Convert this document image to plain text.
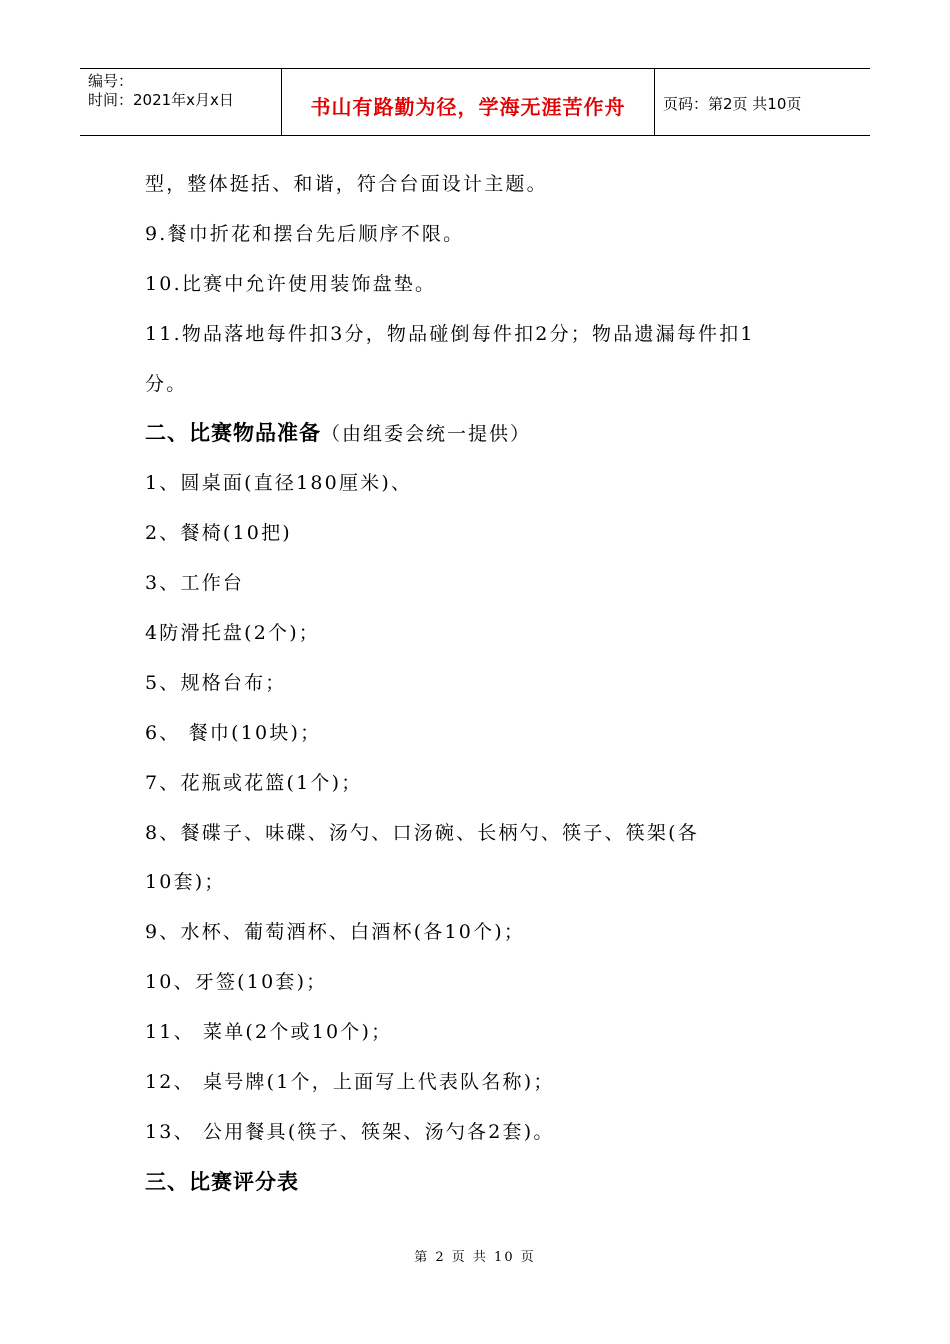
编号：
时间：2021年x月x日	书山有路勤为径，学海无涯苦作舟	页码：第2页 共10页
型，整体挺括、和谐，符合台面设计主题。
9.餐巾折花和摆台先后顺序不限。
10.比赛中允许使用装饰盘垫。
11.物品落地每件扣3分，物品碰倒每件扣2分；物品遗漏每件扣1
分。
二、比赛物品准备（由组委会统一提供）
1、圆桌面(直径180厘米)、
2、餐椅(10把)
3、工作台
4防滑托盘(2个)；
5、规格台布；
6、 餐巾(10块)；
7、花瓶或花篮(1个)；
8、餐碟子、味碟、汤勺、口汤碗、长柄勺、筷子、筷架(各
10套)；
9、水杯、葡萄酒杯、白酒杯(各10个)；
10、牙签(10套)；
11、 菜单(2个或10个)；
12、 桌号牌(1个，上面写上代表队名称)；
13、 公用餐具(筷子、筷架、汤勺各2套)。
三、比赛评分表
第 2 页 共 10 页
